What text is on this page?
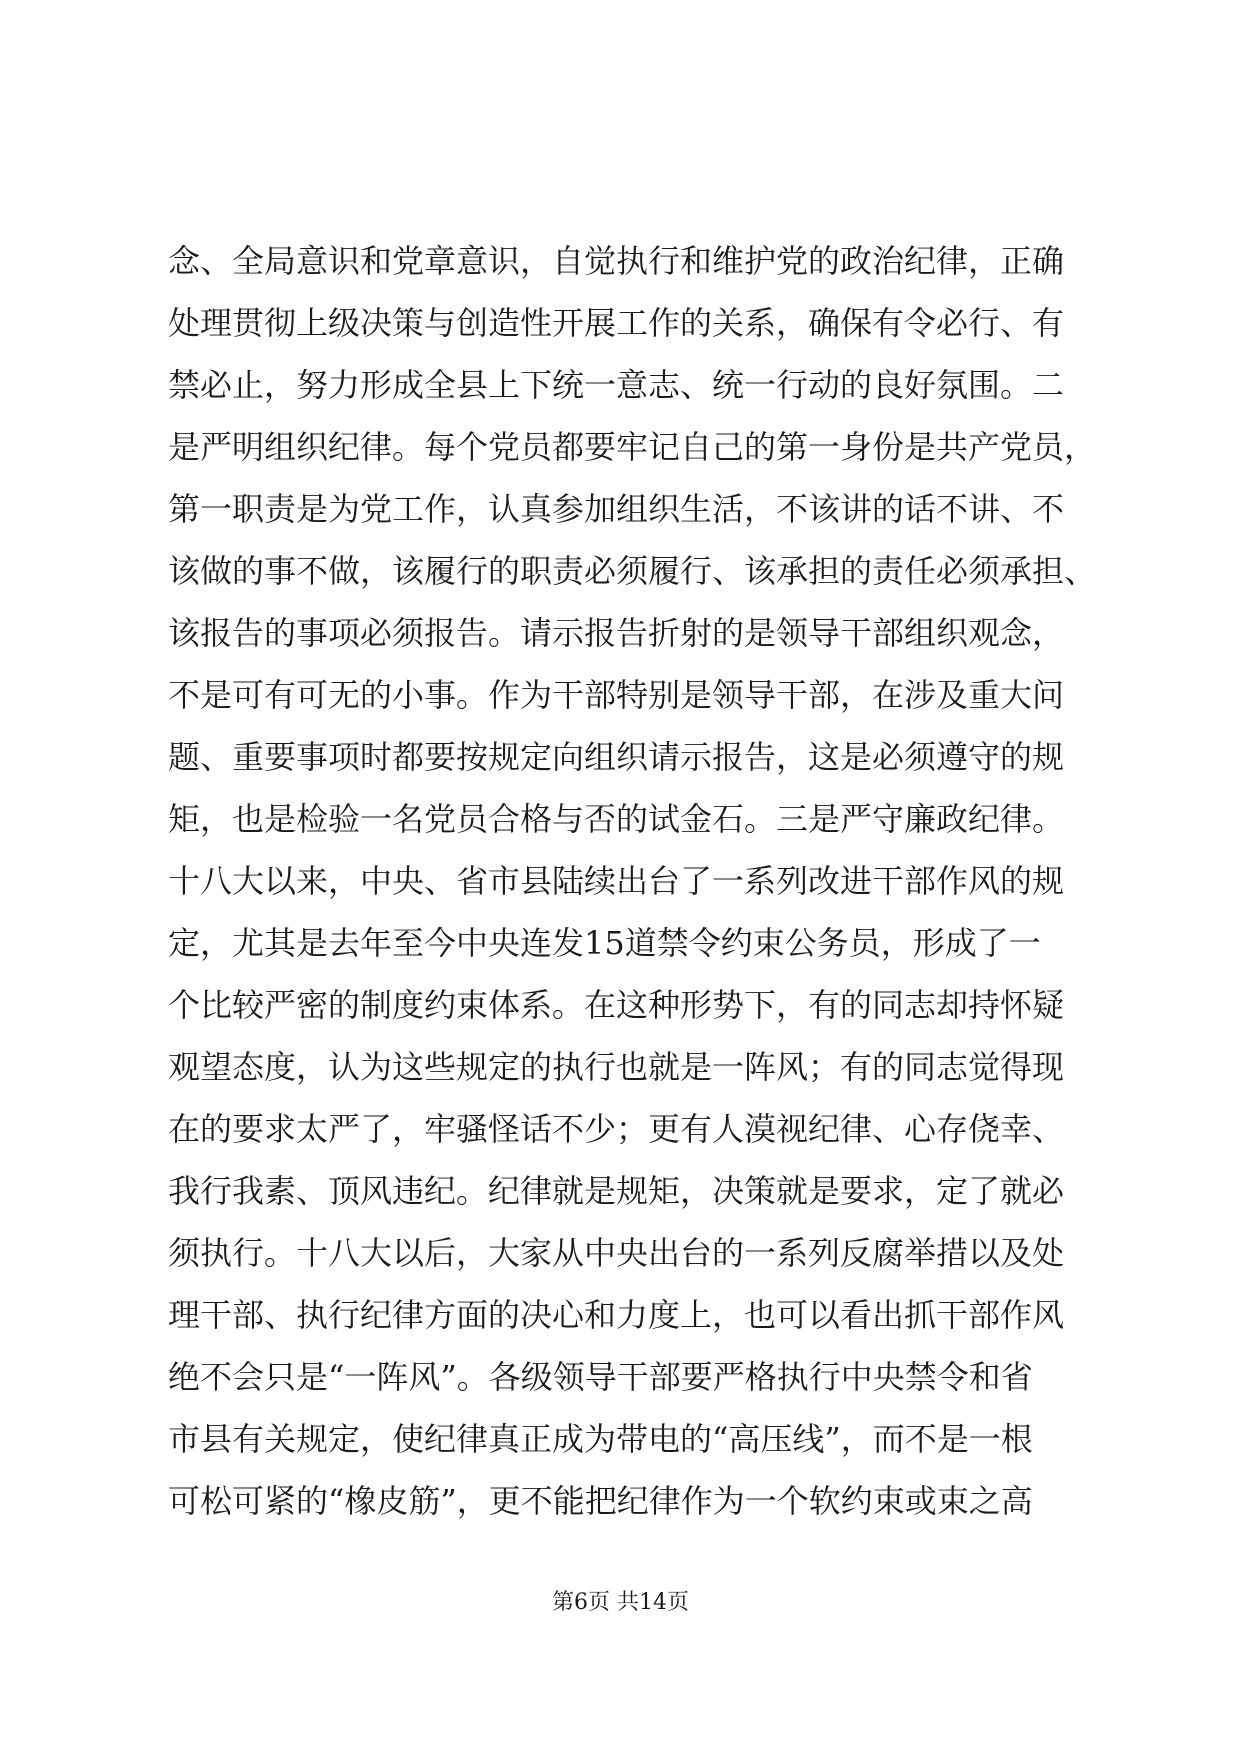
念、全局意识和党章意识，自觉执行和维护党的政治纪律，正确
处理贯彻上级决策与创造性开展工作的关系，确保有令必行、有
禁必止，努力形成全县上下统一意志、统一行动的良好氛围。二
是严明组织纪律。每个党员都要牢记自己的第一身份是共产党员，
第一职责是为党工作，认真参加组织生活，不该讲的话不讲、不
该做的事不做，该履行的职责必须履行、该承担的责任必须承担、
该报告的事项必须报告。请示报告折射的是领导干部组织观念，
不是可有可无的小事。作为干部特别是领导干部，在涉及重大问
题、重要事项时都要按规定向组织请示报告，这是必须遵守的规
矩，也是检验一名党员合格与否的试金石。三是严守廉政纪律。
十八大以来，中央、省市县陆续出台了一系列改进干部作风的规
定，尤其是去年至今中央连发15道禁令约束公务员，形成了一
个比较严密的制度约束体系。在这种形势下，有的同志却持怀疑
观望态度，认为这些规定的执行也就是一阵风；有的同志觉得现
在的要求太严了，牢骚怪话不少；更有人漠视纪律、心存侥幸、
我行我素、顶风违纪。纪律就是规矩，决策就是要求，定了就必
须执行。十八大以后，大家从中央出台的一系列反腐举措以及处
理干部、执行纪律方面的决心和力度上，也可以看出抓干部作风
绝不会只是“一阵风”。各级领导干部要严格执行中央禁令和省
市县有关规定，使纪律真正成为带电的“高压线”，而不是一根
可松可紧的“橡皮筋”，更不能把纪律作为一个软约束或束之高
第6页 共14页
